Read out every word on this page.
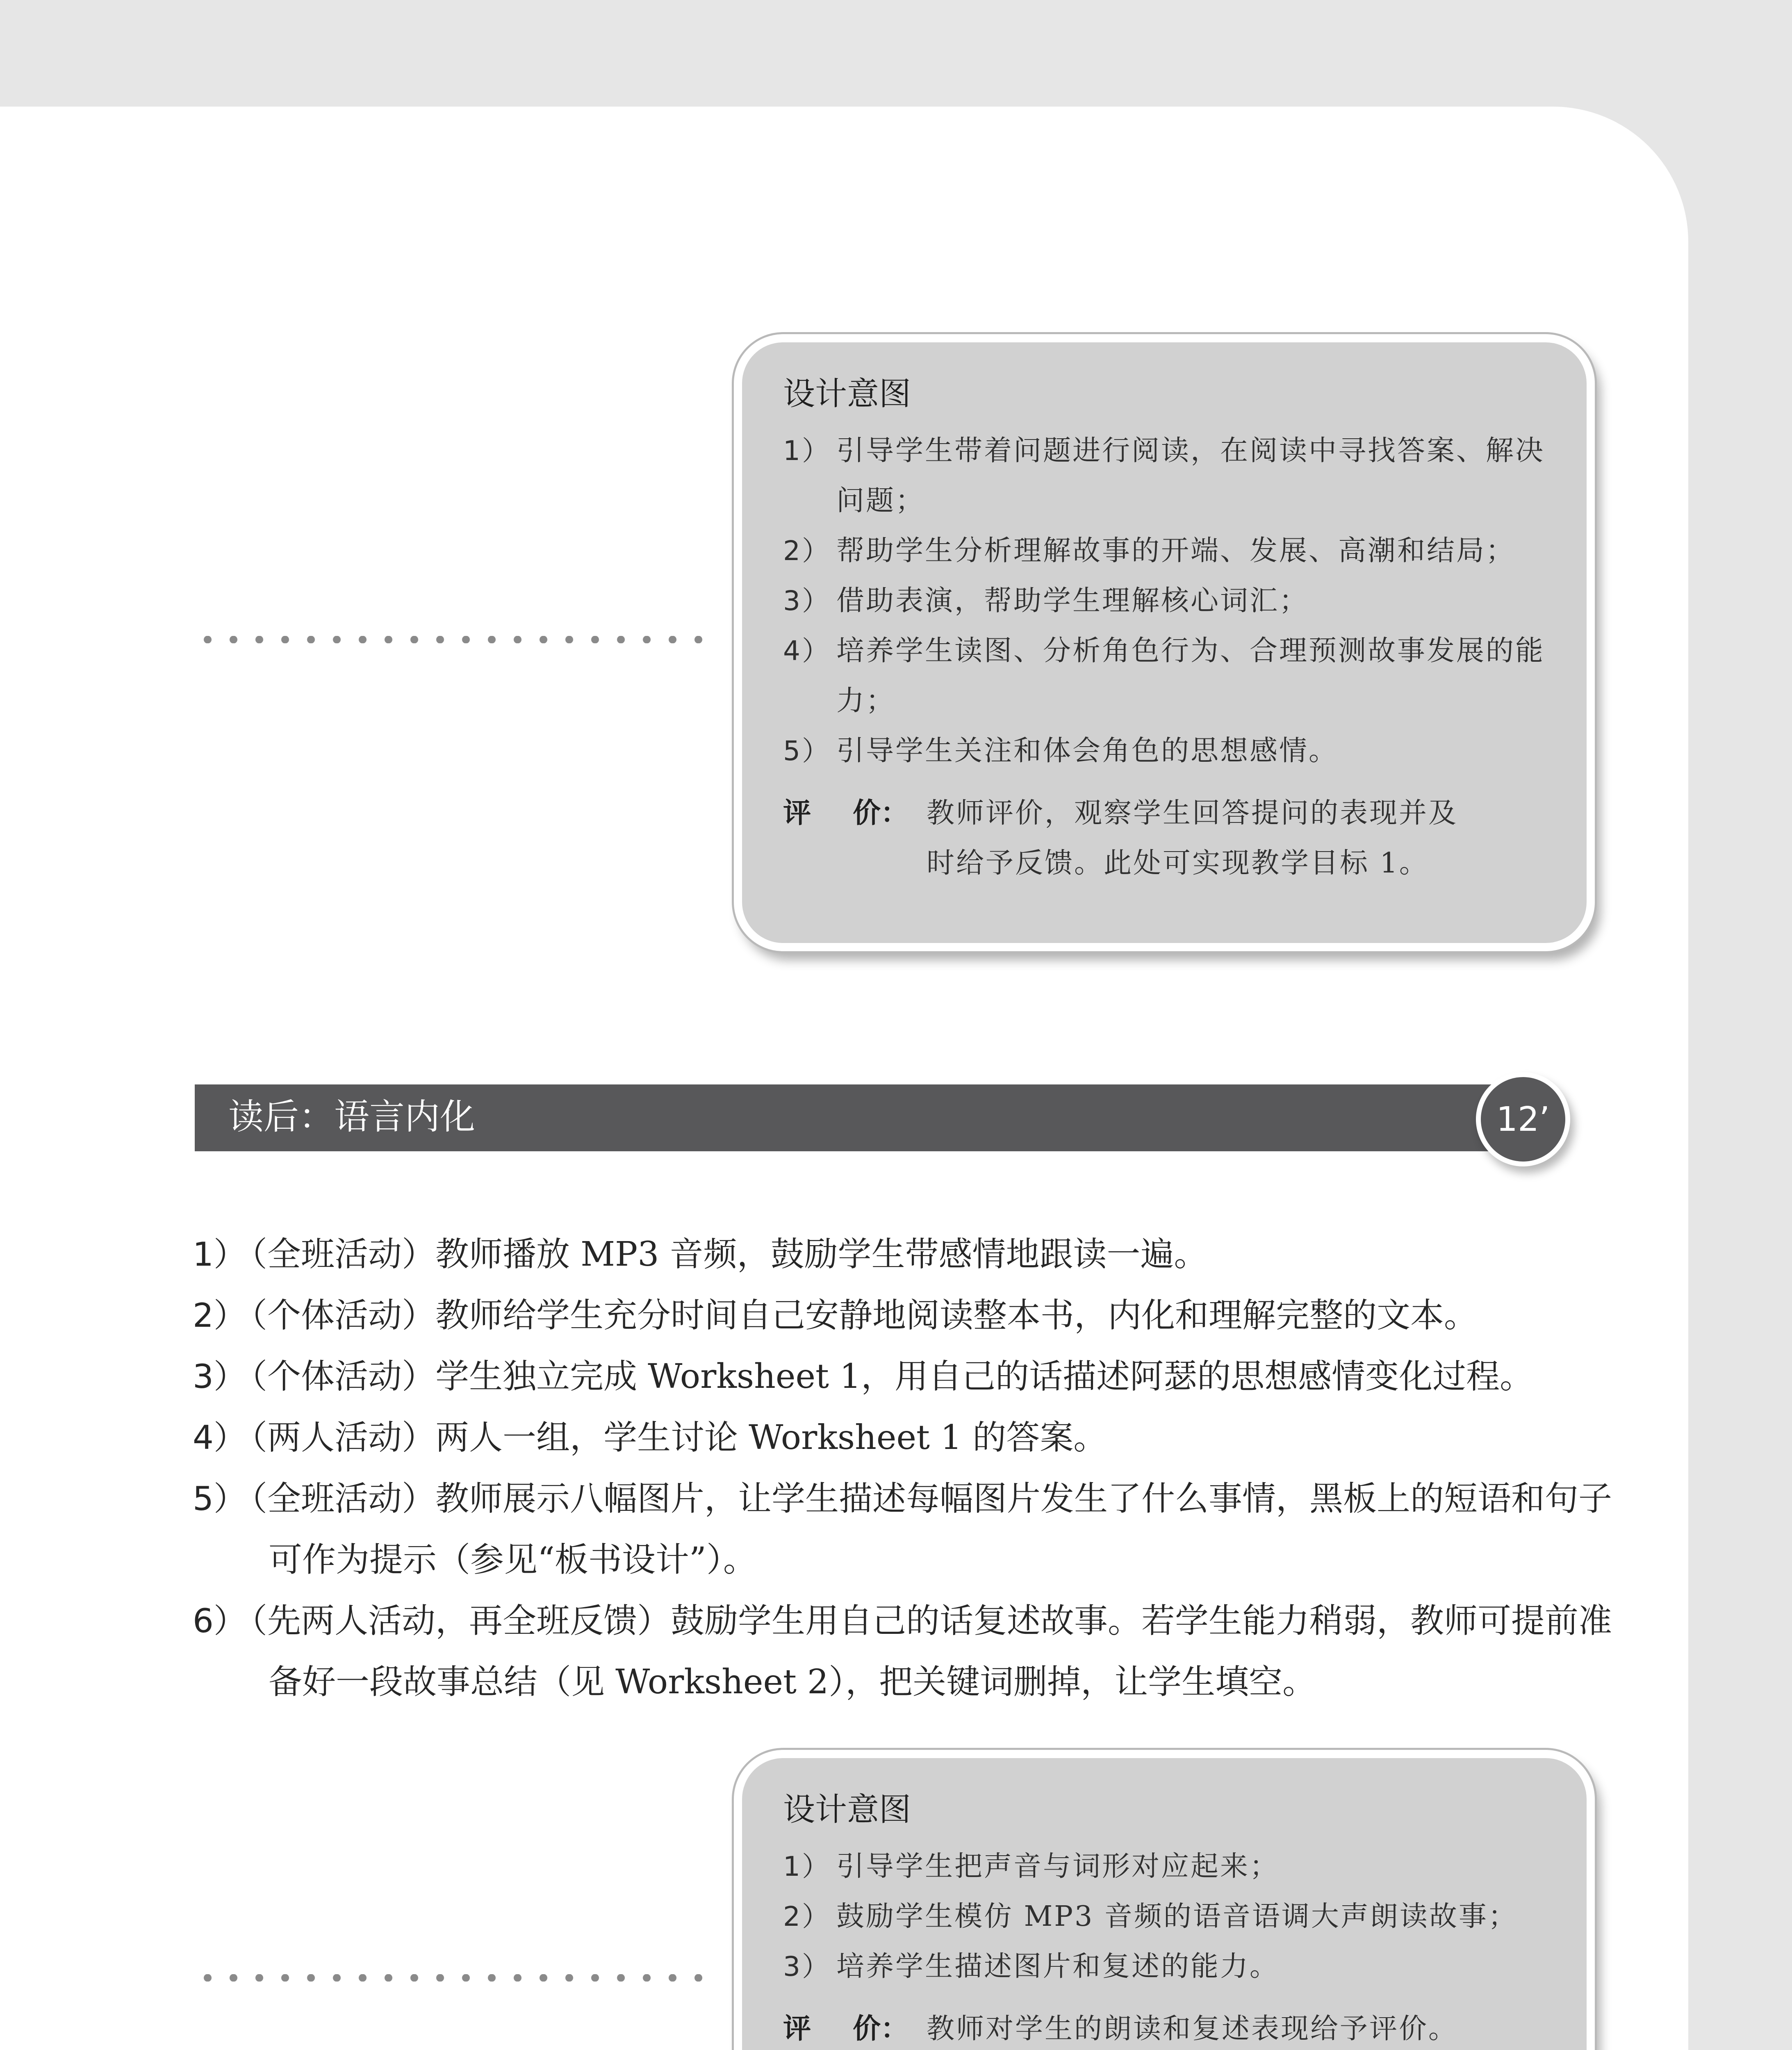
设计意图
1） 引导学生带着问题进行阅读，在阅读中寻找答案、解决问题；
2） 帮助学生分析理解故事的开端、发展、高潮和结局；
3） 借助表演，帮助学生理解核心词汇；
4） 培养学生读图、分析角色行为、合理预测故事发展的能力；
5） 引导学生关注和体会角色的思想感情。
评 价： 教师评价，观察学生回答提问的表现并及
时给予反馈。此处可实现教学目标 1。
读后：语言内化	12’
1）（全班活动）教师播放 MP3 音频，鼓励学生带感情地跟读一遍。
2）（个体活动）教师给学生充分时间自己安静地阅读整本书，内化和理解完整的文本。
3）（个体活动）学生独立完成 Worksheet 1，用自己的话描述阿瑟的思想感情变化过程。
4）（两人活动）两人一组，学生讨论 Worksheet 1 的答案。
5）（全班活动）教师展示八幅图片，让学生描述每幅图片发生了什么事情，黑板上的短语和句子可作为提示（参见“板书设计”）。
6）（先两人活动，再全班反馈）鼓励学生用自己的话复述故事。若学生能力稍弱，教师可提前准备好一段故事总结（见 Worksheet 2），把关键词删掉，让学生填空。
设计意图
1） 引导学生把声音与词形对应起来；
2） 鼓励学生模仿 MP3 音频的语音语调大声朗读故事；
3） 培养学生描述图片和复述的能力。
评 价： 教师对学生的朗读和复述表现给予评价。
